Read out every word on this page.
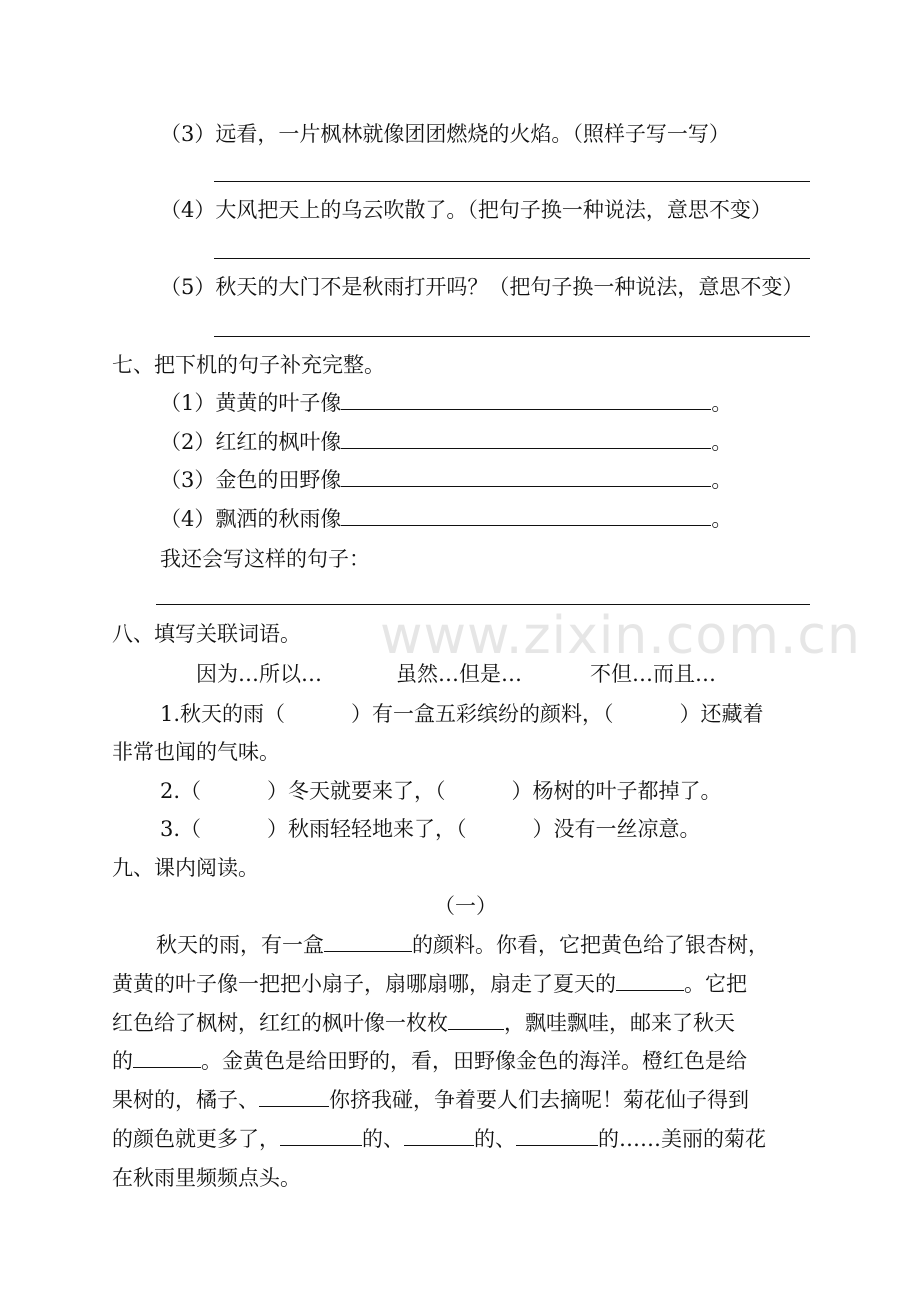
www.zixin.com.cn
（3）远看，一片枫林就像团团燃烧的火焰。（照样子写一写）
（4）大风把天上的乌云吹散了。（把句子换一种说法，意思不变）
（5）秋天的大门不是秋雨打开吗？（把句子换一种说法，意思不变）
七、把下机的句子补充完整。
（1）黄黄的叶子像	。
（2）红红的枫叶像	。
（3）金色的田野像	。
（4）飘洒的秋雨像	。
我还会写这样的句子：
八、填写关联词语。
因为…所以…	虽然…但是…	不但…而且…
1.秋天的雨（	）有一盒五彩缤纷的颜料，（	）还藏着
非常也闻的气味。
2.（	）冬天就要来了，（	）杨树的叶子都掉了。
3.（	）秋雨轻轻地来了，（	）没有一丝凉意。
九、课内阅读。
（一）
秋天的雨，有一盒	的颜料。你看，它把黄色给了银杏树，
黄黄的叶子像一把把小扇子，扇哪扇哪，扇走了夏天的	。它把
红色给了枫树，红红的枫叶像一枚枚	，飘哇飘哇，邮来了秋天
的	。金黄色是给田野的，看，田野像金色的海洋。橙红色是给
果树的，橘子、	你挤我碰，争着要人们去摘呢！菊花仙子得到
的颜色就更多了，	的、	的、	的……美丽的菊花
在秋雨里频频点头。
